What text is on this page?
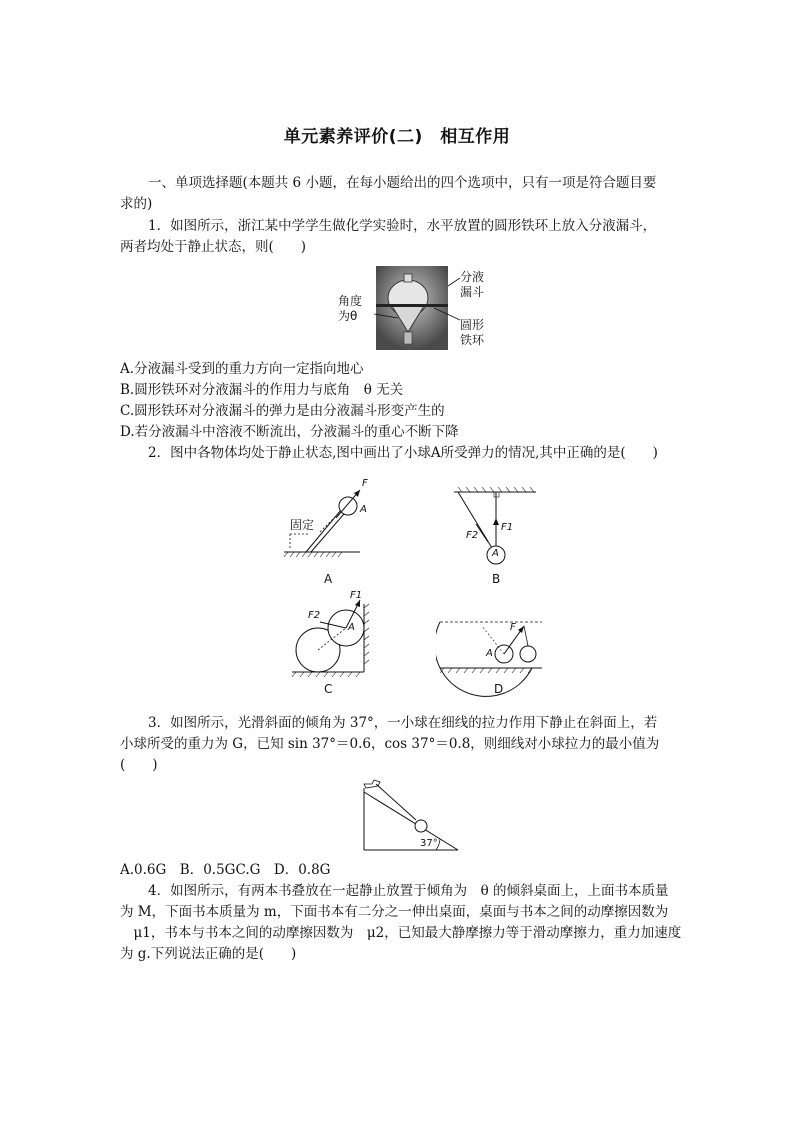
单元素养评价(二)　相互作用
一、单项选择题(本题共 6 小题，在每小题给出的四个选项中，只有一项是符合题目要
求的)
1．如图所示，浙江某中学学生做化学实验时，水平放置的圆形铁环上放入分液漏斗，
两者均处于静止状态，则(　　)
分液
漏斗
角度
为θ
圆形
铁环
A.分液漏斗受到的重力方向一定指向地心
B.圆形铁环对分液漏斗的作用力与底角　θ 无关
C.圆形铁环对分液漏斗的弹力是由分液漏斗形变产生的
D.若分液漏斗中溶液不断流出，分液漏斗的重心不断下降
2．图中各物体均处于静止状态,图中画出了小球A所受弹力的情况,其中正确的是(　　)
固定
F
A
A
F1
F2
A
B
F1
F2
A
C
F
A
D
3．如图所示，光滑斜面的倾角为 37°，一小球在细线的拉力作用下静止在斜面上，若
小球所受的重力为 G，已知 sin 37°＝0.6，cos 37°＝0.8，则细线对小球拉力的最小值为
(　　)
37°
A.0.6G　B．0.5GC.G　D．0.8G
4．如图所示，有两本书叠放在一起静止放置于倾角为　θ 的倾斜桌面上，上面书本质量
为 M，下面书本质量为 m，下面书本有二分之一伸出桌面，桌面与书本之间的动摩擦因数为
　μ1，书本与书本之间的动摩擦因数为　μ2，已知最大静摩擦力等于滑动摩擦力，重力加速度
为 g.下列说法正确的是(　　)
